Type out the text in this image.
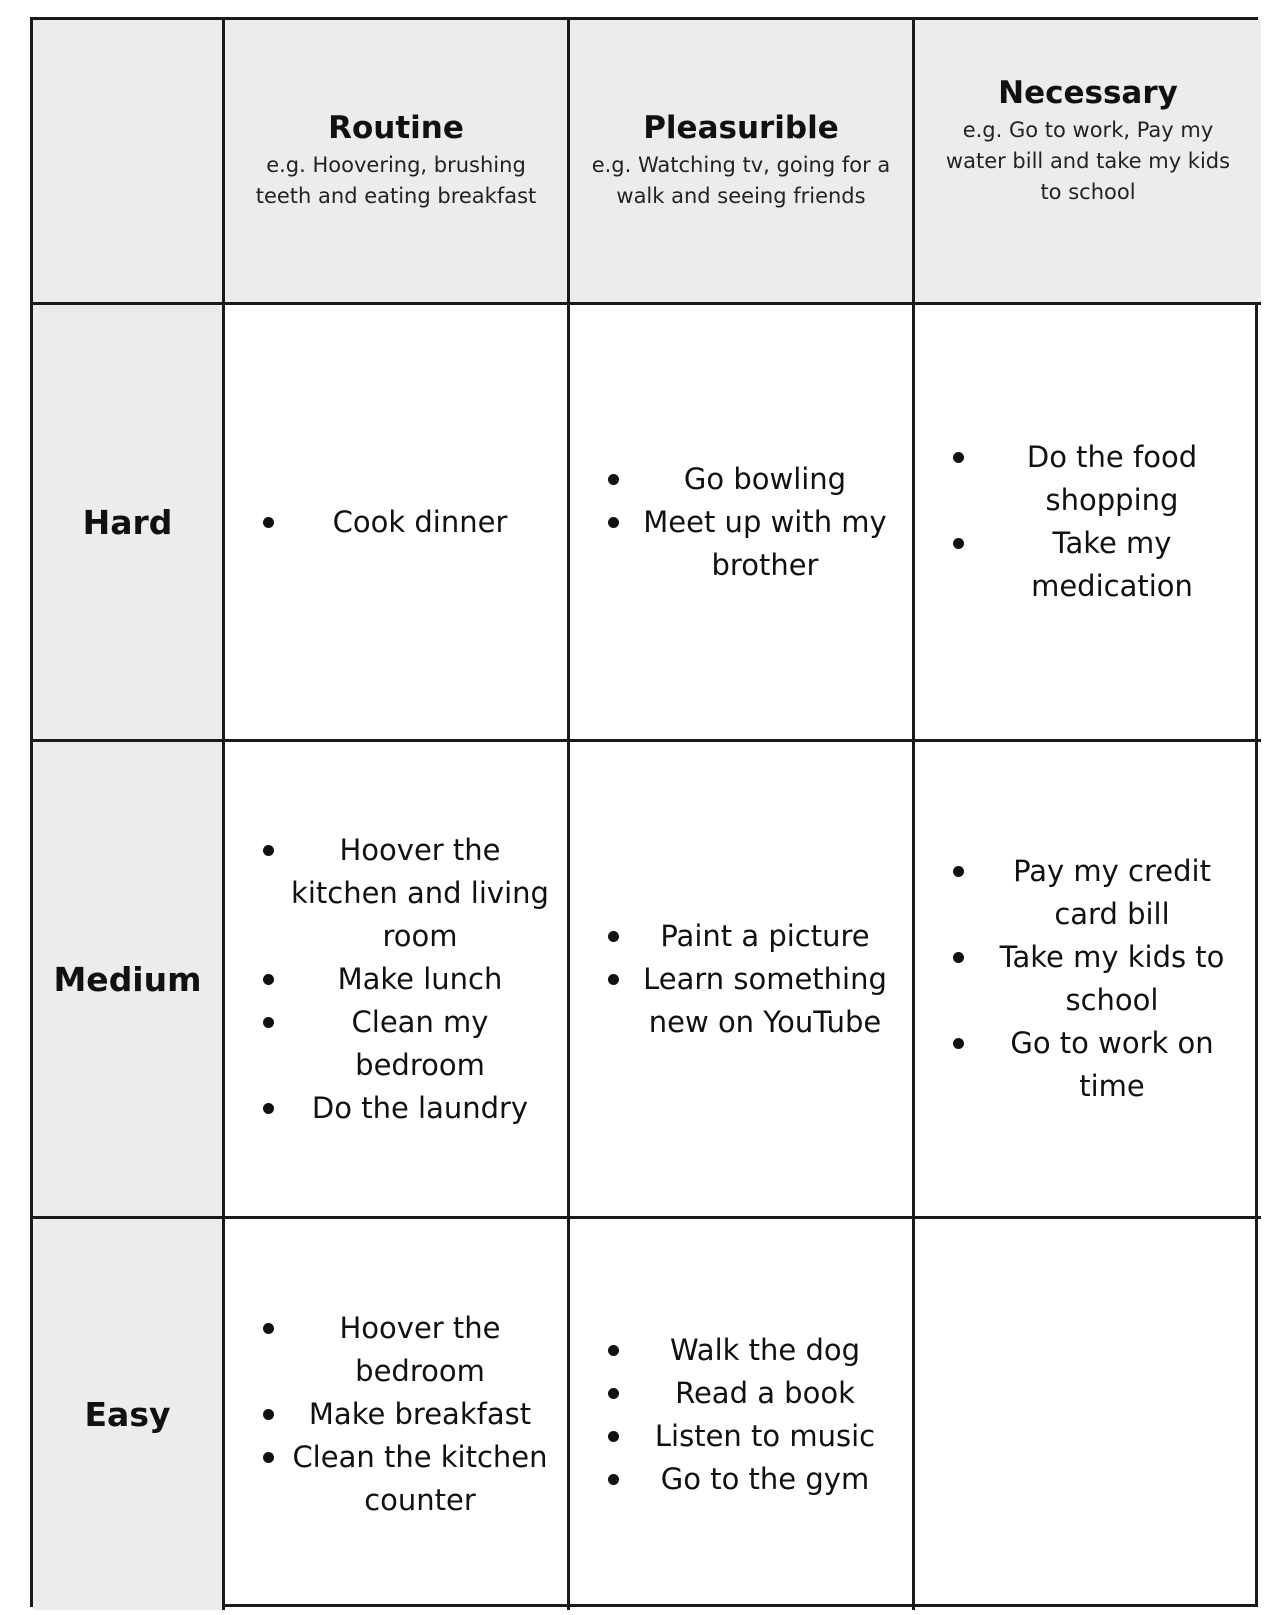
Routine
e.g. Hoovering, brushing teeth and eating breakfast
Pleasurible
e.g. Watching tv, going for a walk and seeing friends
Necessary
e.g. Go to work, Pay my water bill and take my kids to school
Hard	Cook dinner
Go bowling
Meet up with my brother
Do the food shopping
Take my medication
Medium
Hoover the kitchen and living room
Make lunch
Clean my bedroom
Do the laundry
Paint a picture
Learn something new on YouTube
Pay my credit card bill
Take my kids to school
Go to work on time
Easy
Hoover the bedroom
Make breakfast
Clean the kitchen counter
Walk the dog
Read a book
Listen to music
Go to the gym
